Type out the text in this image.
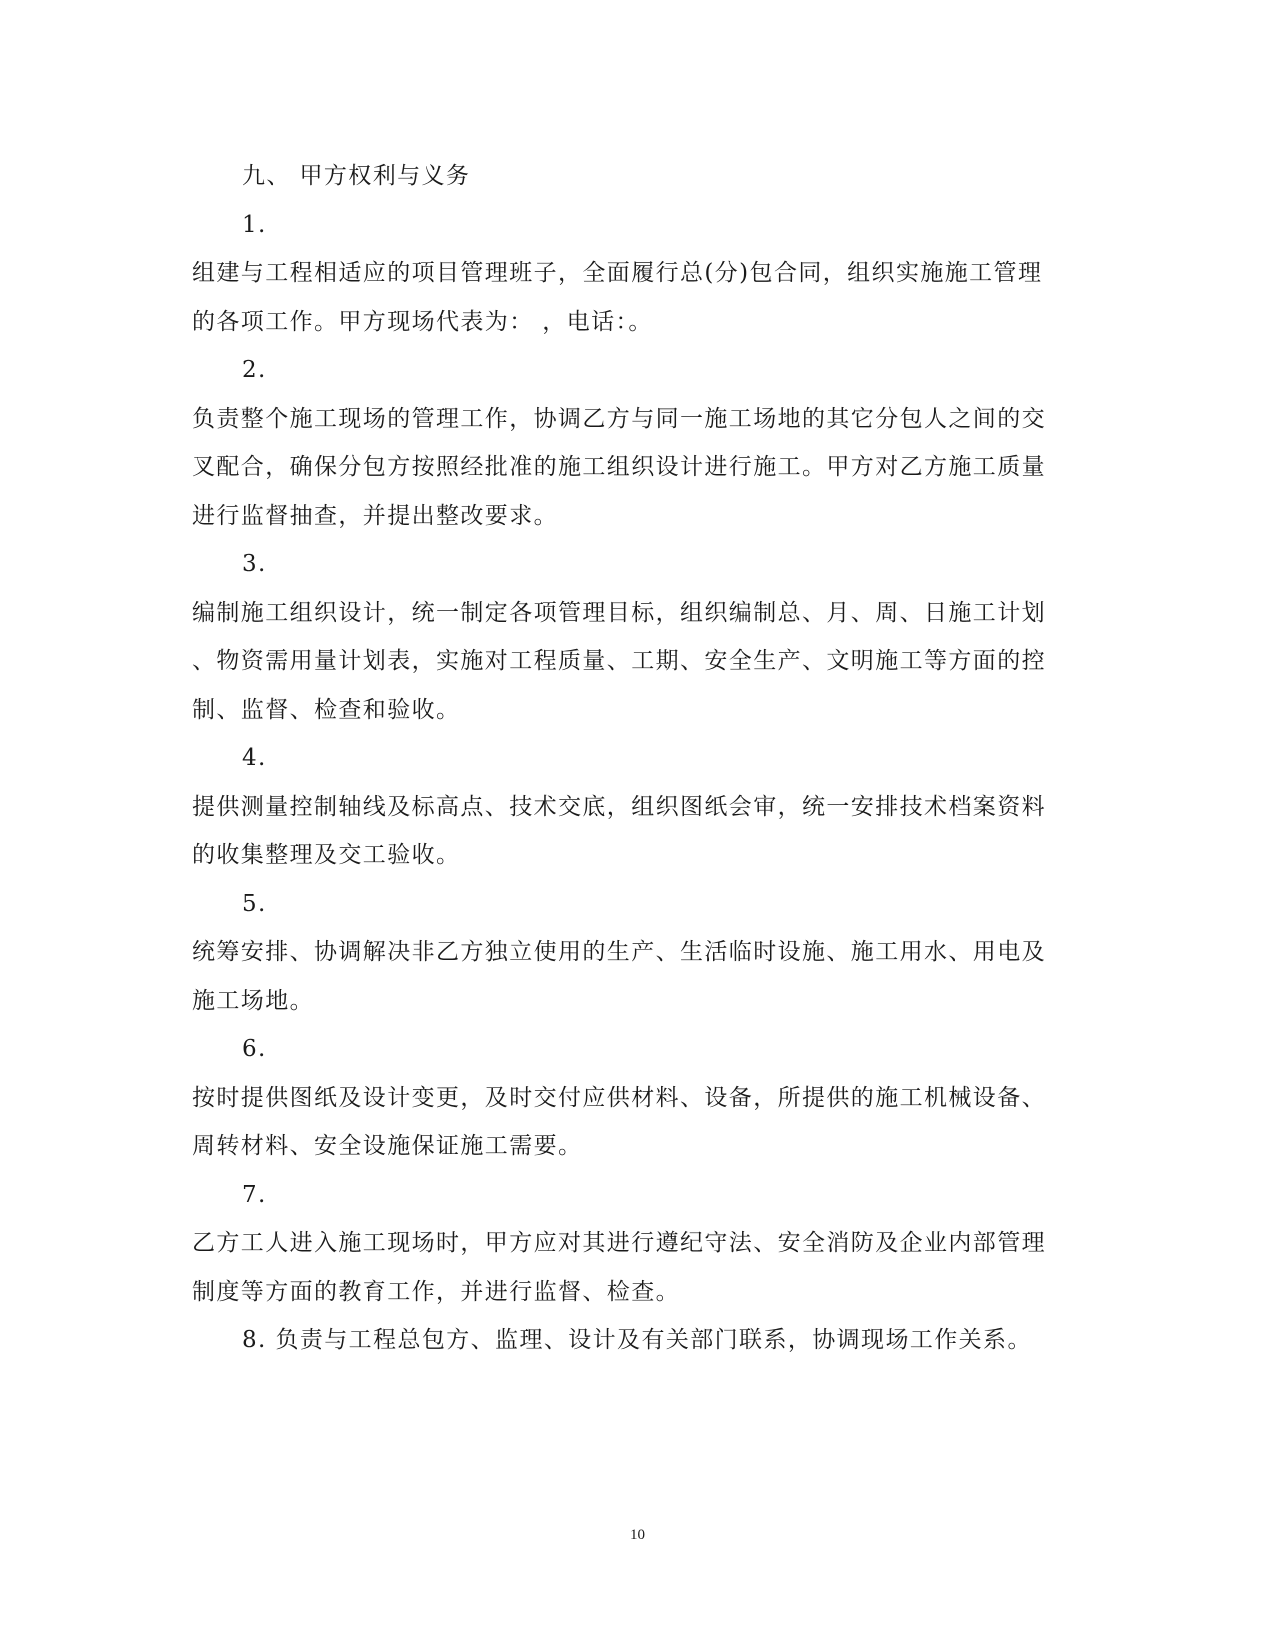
九、 甲方权利与义务
1.
组建与工程相适应的项目管理班子，全面履行总(分)包合同，组织实施施工管理
的各项工作。甲方现场代表为： ，电话：。
2.
负责整个施工现场的管理工作，协调乙方与同一施工场地的其它分包人之间的交
叉配合，确保分包方按照经批准的施工组织设计进行施工。甲方对乙方施工质量
进行监督抽查，并提出整改要求。
3.
编制施工组织设计，统一制定各项管理目标，组织编制总、月、周、日施工计划
、物资需用量计划表，实施对工程质量、工期、安全生产、文明施工等方面的控
制、监督、检查和验收。
4.
提供测量控制轴线及标高点、技术交底，组织图纸会审，统一安排技术档案资料
的收集整理及交工验收。
5.
统筹安排、协调解决非乙方独立使用的生产、生活临时设施、施工用水、用电及
施工场地。
6.
按时提供图纸及设计变更，及时交付应供材料、设备，所提供的施工机械设备、
周转材料、安全设施保证施工需要。
7.
乙方工人进入施工现场时，甲方应对其进行遵纪守法、安全消防及企业内部管理
制度等方面的教育工作，并进行监督、检查。
8. 负责与工程总包方、监理、设计及有关部门联系，协调现场工作关系。
10
